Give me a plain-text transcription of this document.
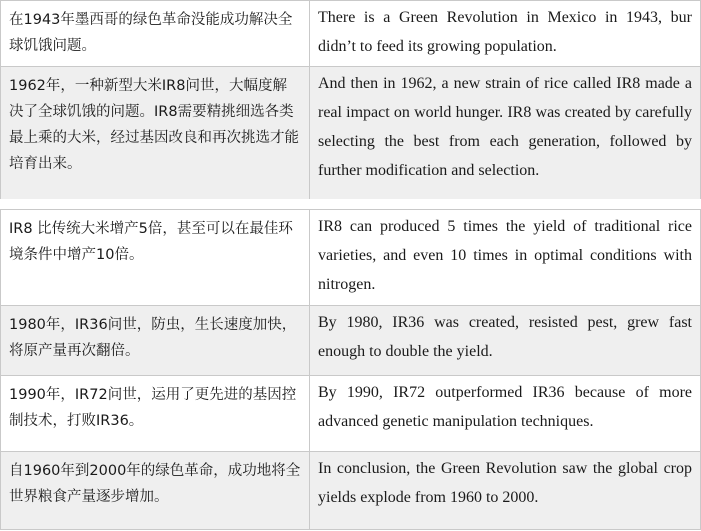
在1943年墨西哥的绿色革命没能成功解决全球饥饿问题。	There is a Green Revolution in Mexico in 1943, bur didn’t to feed its growing population.
1962年，一种新型大米IR8问世，大幅度解决了全球饥饿的问题。IR8需要精挑细选各类最上乘的大米，经过基因改良和再次挑选才能培育出来。	And then in 1962, a new strain of rice called IR8 made a real impact on world hunger. IR8 was created by carefully selecting the best from each generation, followed by further modification and selection.
IR8 比传统大米增产5倍，甚至可以在最佳环境条件中增产10倍。	IR8 can produced 5 times the yield of traditional rice varieties, and even 10 times in optimal conditions with nitrogen.
1980年，IR36问世，防虫，生长速度加快，将原产量再次翻倍。	By 1980, IR36 was created, resisted pest, grew fast enough to double the yield.
1990年，IR72问世，运用了更先进的基因控制技术，打败IR36。	By 1990, IR72 outperformed IR36 because of more advanced genetic manipulation techniques.
自1960年到2000年的绿色革命，成功地将全世界粮食产量逐步增加。	In conclusion, the Green Revolution saw the global crop yields explode from 1960 to 2000.
